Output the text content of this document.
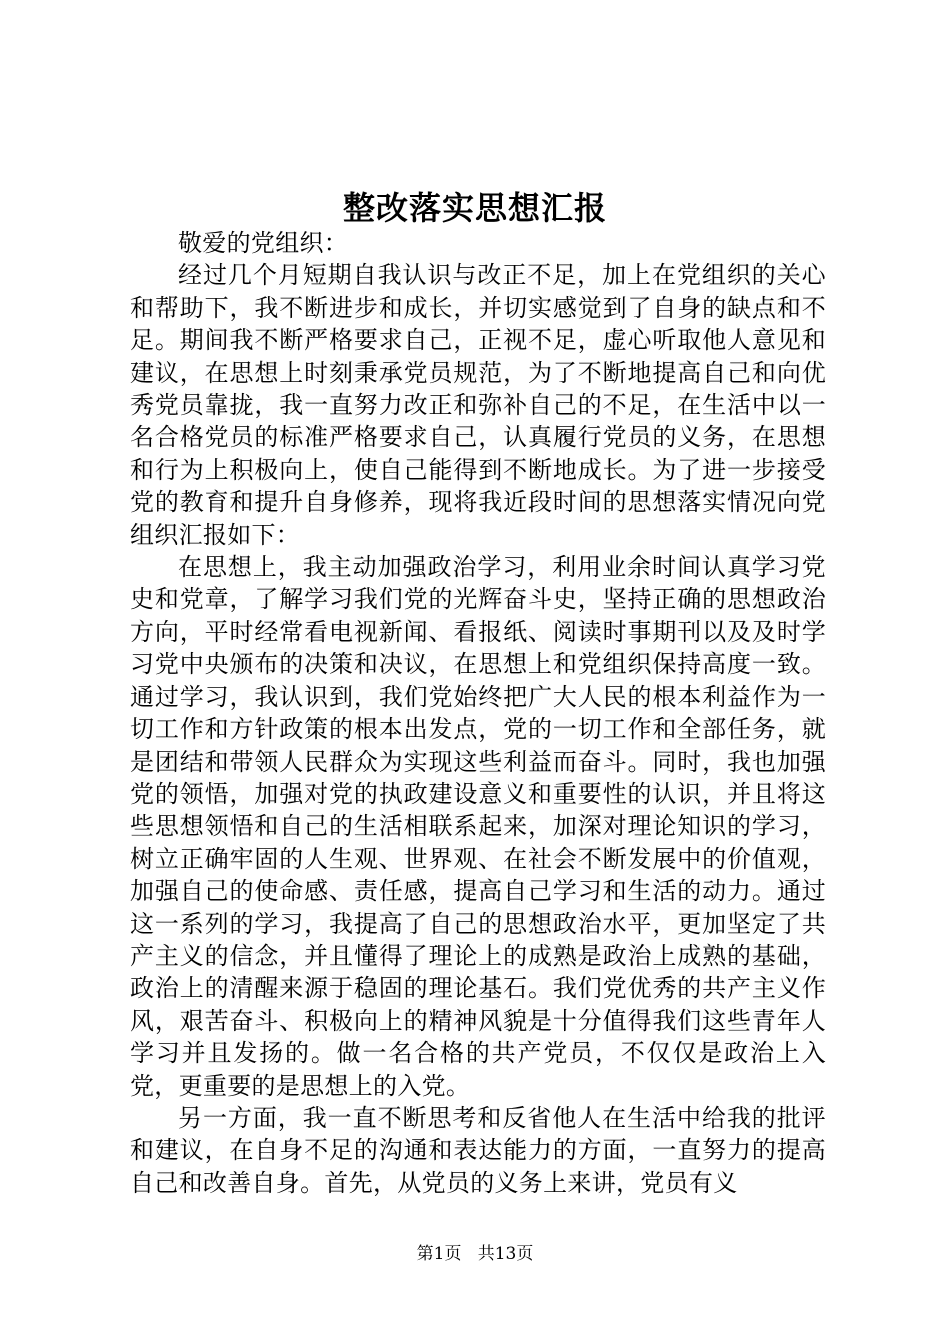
整改落实思想汇报

敬爱的党组织：

经过几个月短期自我认识与改正不足，加上在党组织的关心和帮助下，我不断进步和成长，并切实感觉到了自身的缺点和不足。期间我不断严格要求自己，正视不足，虚心听取他人意见和建议，在思想上时刻秉承党员规范，为了不断地提高自己和向优秀党员靠拢，我一直努力改正和弥补自己的不足，在生活中以一名合格党员的标准严格要求自己，认真履行党员的义务，在思想和行为上积极向上，使自己能得到不断地成长。为了进一步接受党的教育和提升自身修养，现将我近段时间的思想落实情况向党组织汇报如下：

在思想上，我主动加强政治学习，利用业余时间认真学习党史和党章，了解学习我们党的光辉奋斗史，坚持正确的思想政治方向，平时经常看电视新闻、看报纸、阅读时事期刊以及及时学习党中央颁布的决策和决议，在思想上和党组织保持高度一致。通过学习，我认识到，我们党始终把广大人民的根本利益作为一切工作和方针政策的根本出发点，党的一切工作和全部任务，就是团结和带领人民群众为实现这些利益而奋斗。同时，我也加强党的领悟，加强对党的执政建设意义和重要性的认识，并且将这些思想领悟和自己的生活相联系起来，加深对理论知识的学习，树立正确牢固的人生观、世界观、在社会不断发展中的价值观，加强自己的使命感、责任感，提高自己学习和生活的动力。通过这一系列的学习，我提高了自己的思想政治水平，更加坚定了共产主义的信念，并且懂得了理论上的成熟是政治上成熟的基础，政治上的清醒来源于稳固的理论基石。我们党优秀的共产主义作风，艰苦奋斗、积极向上的精神风貌是十分值得我们这些青年人学习并且发扬的。做一名合格的共产党员，不仅仅是政治上入党，更重要的是思想上的入党。

另一方面，我一直不断思考和反省他人在生活中给我的批评和建议，在自身不足的沟通和表达能力的方面，一直努力的提高自己和改善自身。首先，从党员的义务上来讲，党员有义

第1页 共13页
